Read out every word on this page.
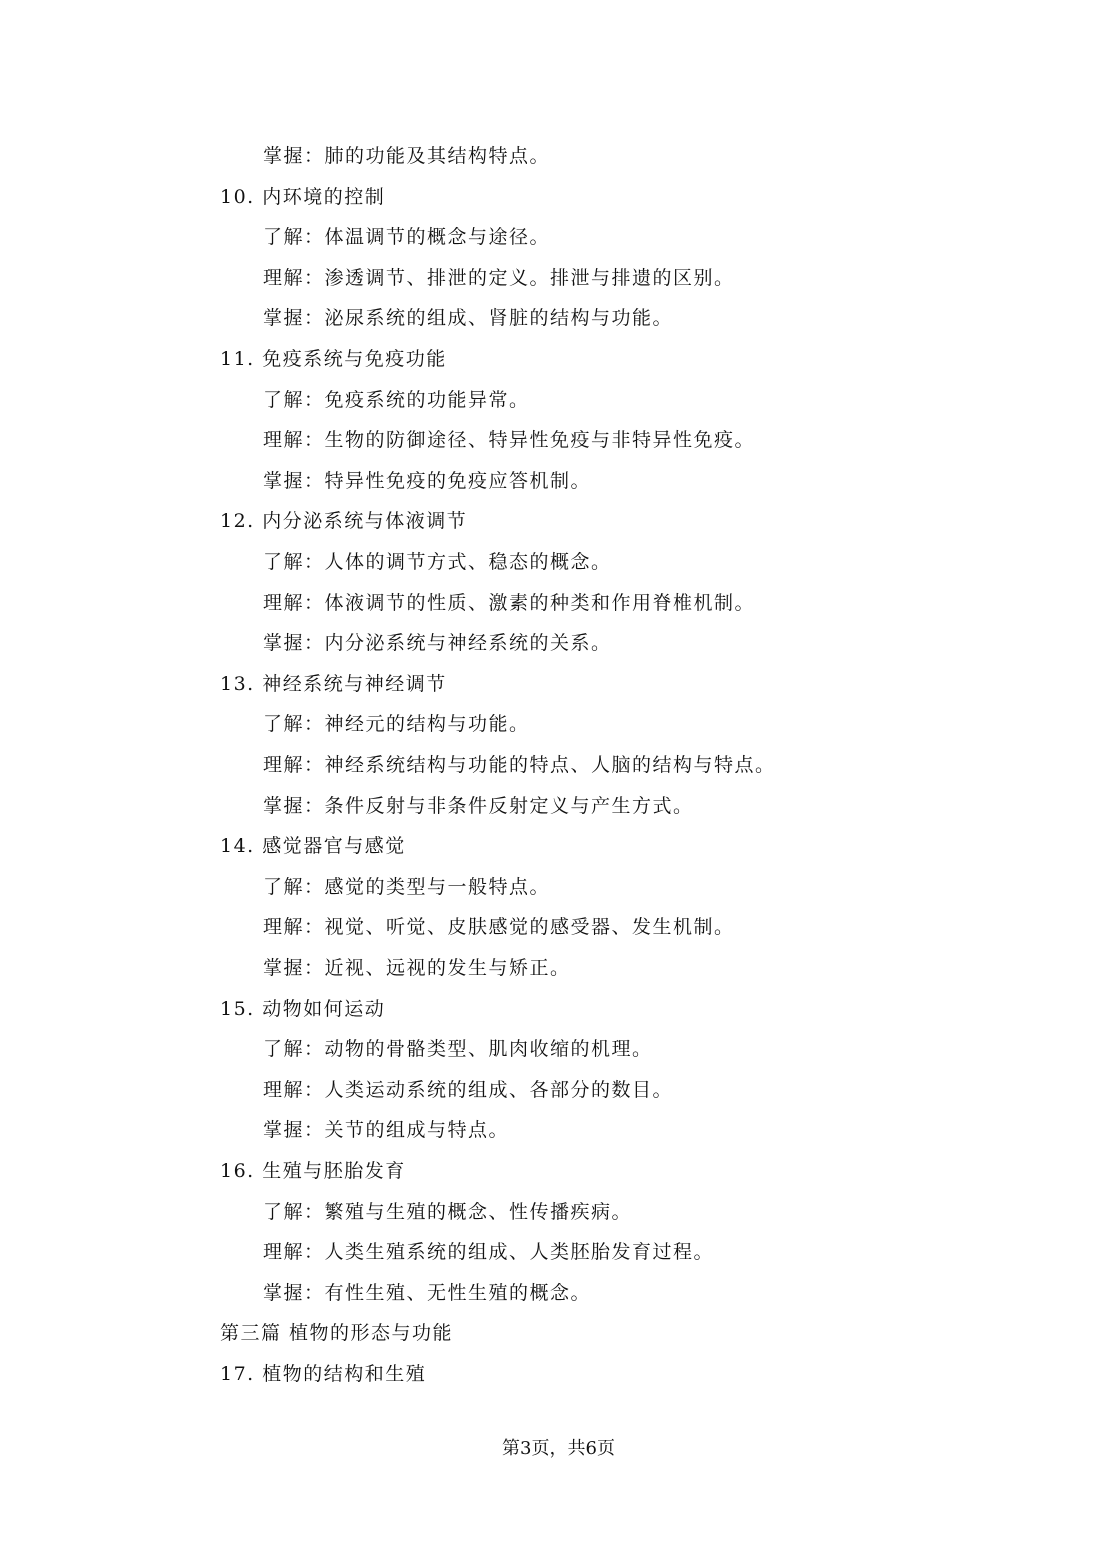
掌握：肺的功能及其结构特点。
10. 内环境的控制
了解：体温调节的概念与途径。
理解：渗透调节、排泄的定义。排泄与排遗的区别。
掌握：泌尿系统的组成、肾脏的结构与功能。
11. 免疫系统与免疫功能
了解：免疫系统的功能异常。
理解：生物的防御途径、特异性免疫与非特异性免疫。
掌握：特异性免疫的免疫应答机制。
12. 内分泌系统与体液调节
了解：人体的调节方式、稳态的概念。
理解：体液调节的性质、激素的种类和作用脊椎机制。
掌握：内分泌系统与神经系统的关系。
13. 神经系统与神经调节
了解：神经元的结构与功能。
理解：神经系统结构与功能的特点、人脑的结构与特点。
掌握：条件反射与非条件反射定义与产生方式。
14. 感觉器官与感觉
了解：感觉的类型与一般特点。
理解：视觉、听觉、皮肤感觉的感受器、发生机制。
掌握：近视、远视的发生与矫正。
15. 动物如何运动
了解：动物的骨骼类型、肌肉收缩的机理。
理解：人类运动系统的组成、各部分的数目。
掌握：关节的组成与特点。
16. 生殖与胚胎发育
了解：繁殖与生殖的概念、性传播疾病。
理解：人类生殖系统的组成、人类胚胎发育过程。
掌握：有性生殖、无性生殖的概念。
第三篇 植物的形态与功能
17. 植物的结构和生殖
第3页，共6页
